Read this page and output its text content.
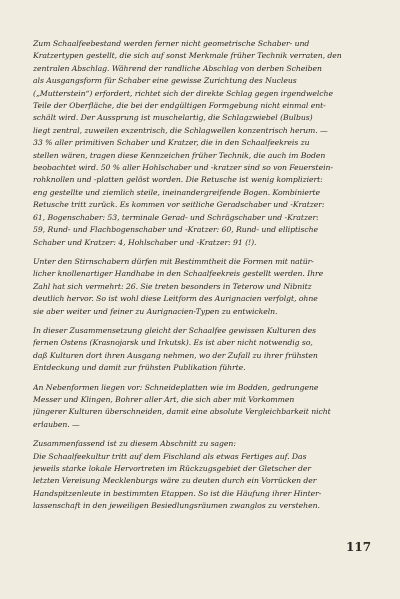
Zum Schaalfeebestand werden ferner nicht geometrische Schaber- und
Kratzertypen gestellt, die sich auf sonst Merkmale früher Technik verraten, den
zentralen Abschlag. Während der randliche Abschlag von derben Scheiben
als Ausgangsform für Schaber eine gewisse Zurichtung des Nucleus
(„Mutterstein“) erfordert, richtet sich der direkte Schlag gegen irgendwelche
Teile der Oberfläche, die bei der endgültigen Formgebung nicht einmal ent-
schält wird. Der Aussprung ist muschelartig, die Schlagzwiebel (Bulbus)
liegt zentral, zuweilen exzentrisch, die Schlagwellen konzentrisch herum. —
33 % aller primitiven Schaber und Kratzer, die in den Schaalfeekreis zu
stellen wären, tragen diese Kennzeichen früher Technik, die auch im Boden
beobachtet wird. 50 % aller Hohlschaber und -kratzer sind so von Feuerstein-
rohknollen und -platten gelöst worden. Die Retusche ist wenig kompliziert:
eng gestellte und ziemlich steile, ineinandergreifende Bogen. Kombinierte
Retusche tritt zurück. Es kommen vor seitliche Geradschaber und -Kratzer:
61, Bogenschaber: 53, terminale Gerad- und Schrägschaber und -Kratzer:
59, Rund- und Flachbogenschaber und -Kratzer: 60, Rund- und elliptische
Schaber und Kratzer: 4, Hohlschaber und -Kratzer: 91 (!).
Unter den Stirnschabern dürfen mit Bestimmtheit die Formen mit natür-
licher knollenartiger Handhabe in den Schaalfeekreis gestellt werden. Ihre
Zahl hat sich vermehrt: 26. Sie treten besonders in Teterow und Nibnitz
deutlich hervor. So ist wohl diese Leitform des Aurignacien verfolgt, ohne
sie aber weiter und feiner zu Aurignacien-Typen zu entwickeln.
In dieser Zusammensetzung gleicht der Schaalfee gewissen Kulturen des
fernen Ostens (Krasnojarsk und Irkutsk). Es ist aber nicht notwendig so,
daß Kulturen dort ihren Ausgang nehmen, wo der Zufall zu ihrer frühsten
Entdeckung und damit zur frühsten Publikation führte.
An Nebenformen liegen vor: Schneideplatten wie im Bodden, gedrungene
Messer und Klingen, Bohrer aller Art, die sich aber mit Vorkommen
jüngerer Kulturen überschneiden, damit eine absolute Vergleichbarkeit nicht
erlauben. —
Zusammenfassend ist zu diesem Abschnitt zu sagen:
Die Schaalfeekultur tritt auf dem Fischland als etwas Fertiges auf. Das
jeweils starke lokale Hervortreten im Rückzugsgebiet der Gletscher der
letzten Vereisung Mecklenburgs wäre zu deuten durch ein Vorrücken der
Handspitzenleute in bestimmten Etappen. So ist die Häufung ihrer Hinter-
lassenschaft in den jeweiligen Besiedlungsräumen zwanglos zu verstehen.
117
